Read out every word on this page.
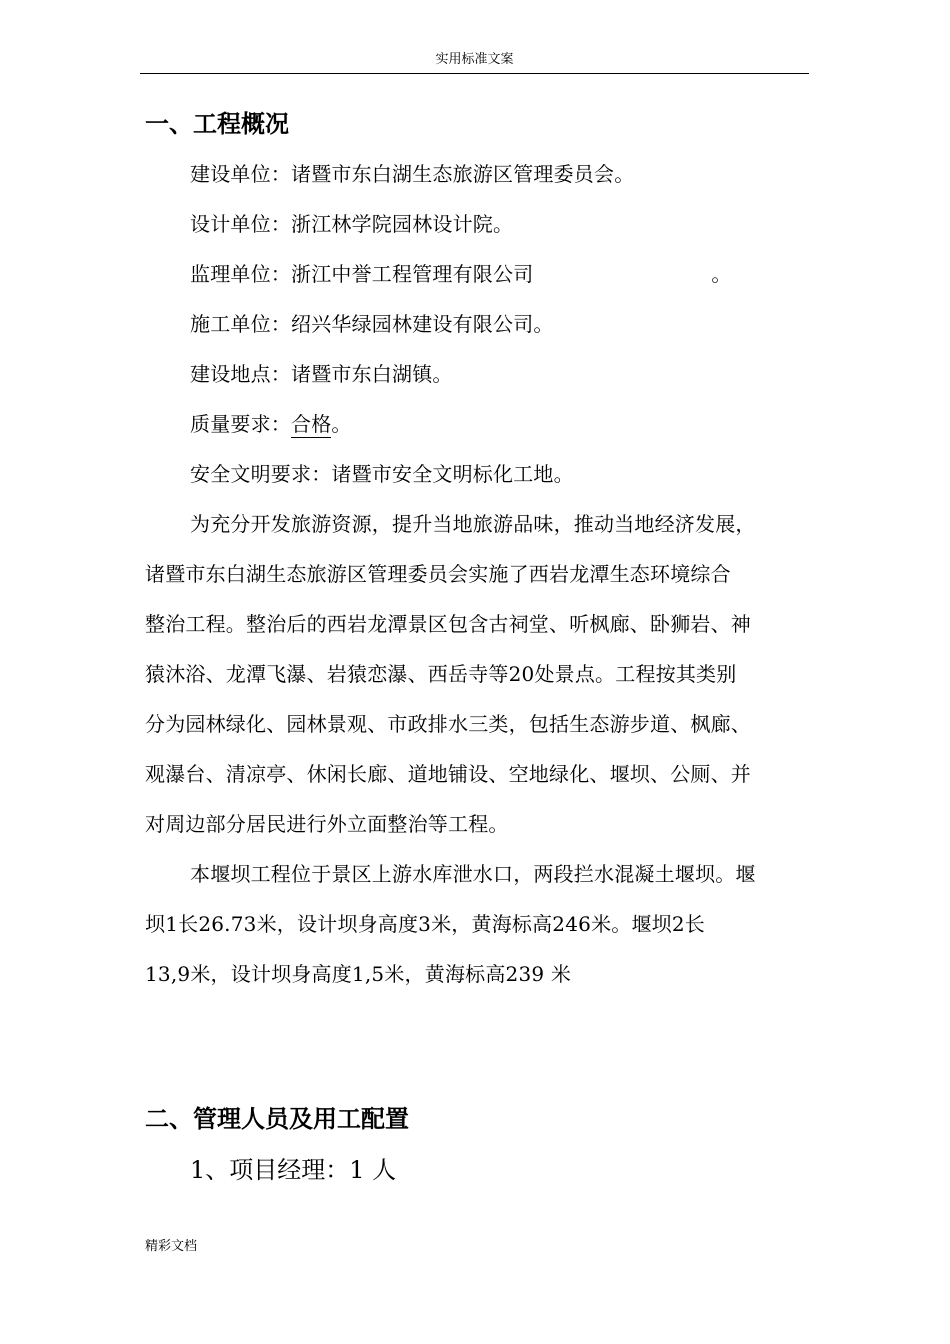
实用标准文案
一、工程概况
建设单位：诸暨市东白湖生态旅游区管理委员会。
设计单位：浙江林学院园林设计院。
监理单位：浙江中誉工程管理有限公司	。
施工单位：绍兴华绿园林建设有限公司。
建设地点：诸暨市东白湖镇。
质量要求：合格。
安全文明要求：诸暨市安全文明标化工地。
为充分开发旅游资源，提升当地旅游品味，推动当地经济发展，
诸暨市东白湖生态旅游区管理委员会实施了西岩龙潭生态环境综合
整治工程。整治后的西岩龙潭景区包含古祠堂、听枫廊、卧狮岩、神
猿沐浴、龙潭飞瀑、岩猿恋瀑、西岳寺等20处景点。工程按其类别
分为园林绿化、园林景观、市政排水三类，包括生态游步道、枫廊、
观瀑台、清凉亭、休闲长廊、道地铺设、空地绿化、堰坝、公厕、并
对周边部分居民进行外立面整治等工程。
本堰坝工程位于景区上游水库泄水口，两段拦水混凝土堰坝。堰
坝1长26.73米，设计坝身高度3米，黄海标高246米。堰坝2长
13,9米，设计坝身高度1,5米，黄海标高239 米
二、管理人员及用工配置
1、项目经理：1 人
精彩文档
